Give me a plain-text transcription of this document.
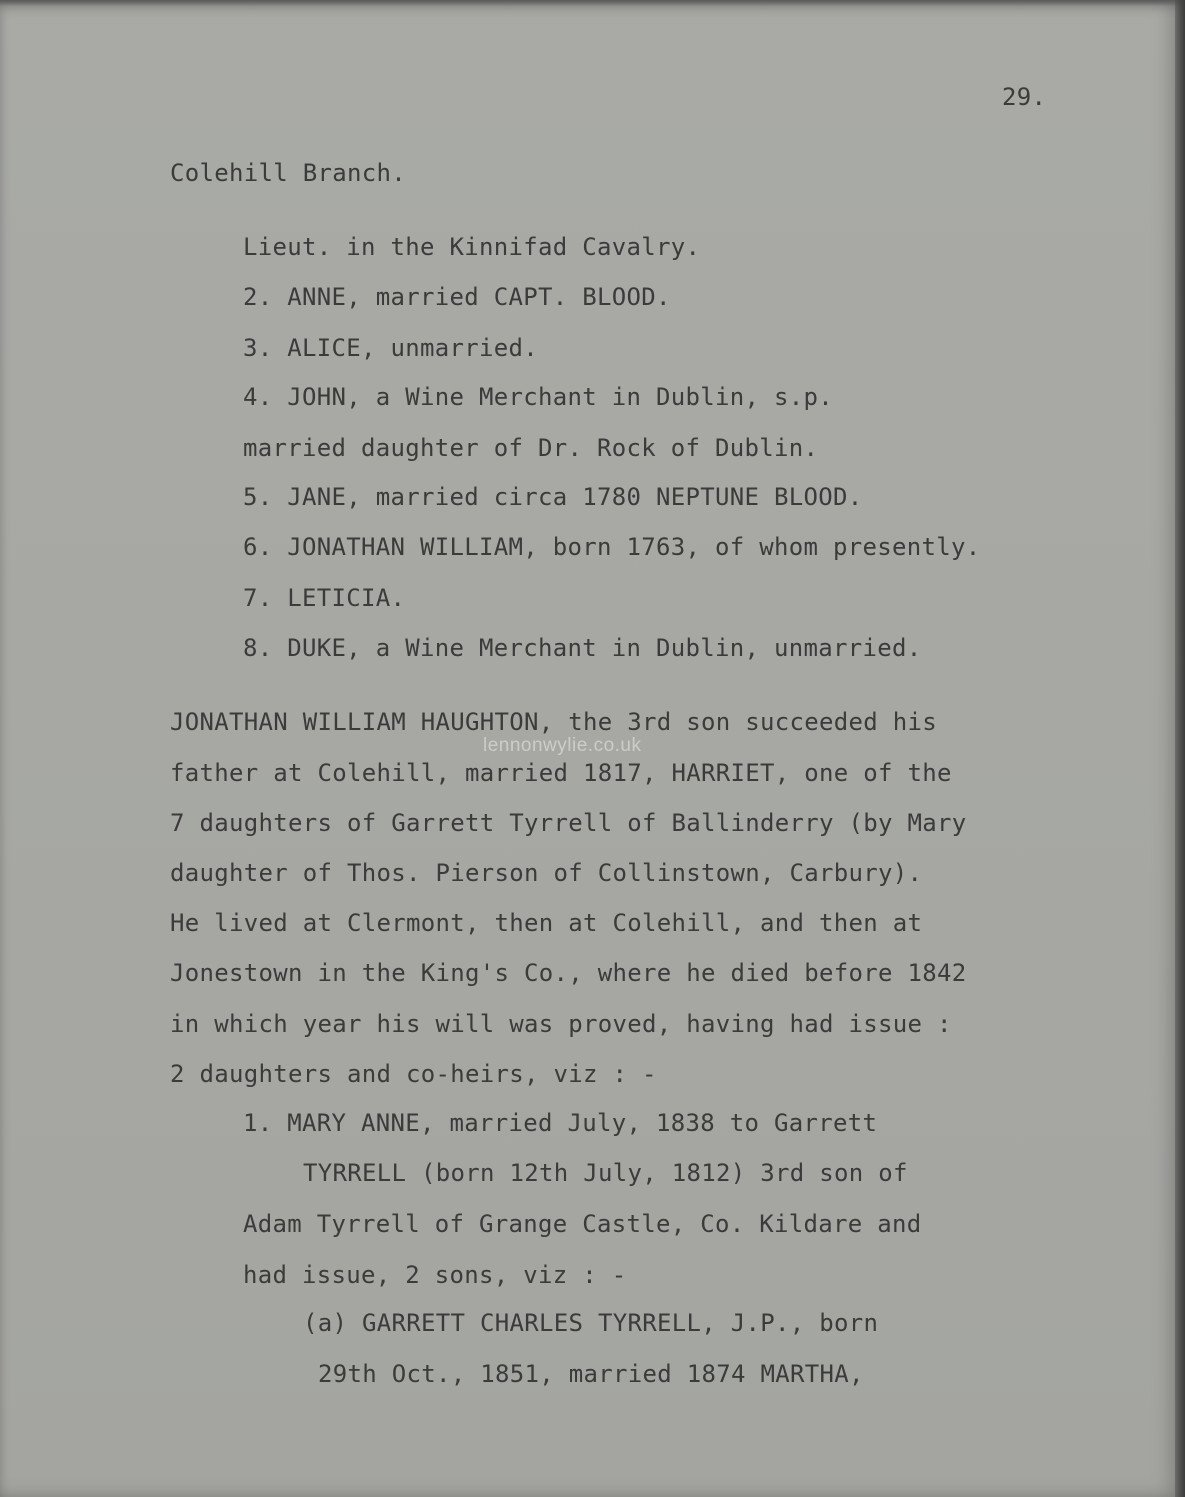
29.
Colehill Branch.
Lieut. in the Kinnifad Cavalry.
2. ANNE, married CAPT. BLOOD.
3. ALICE, unmarried.
4. JOHN, a Wine Merchant in Dublin, s.p.
married daughter of Dr. Rock of Dublin.
5. JANE, married circa 1780 NEPTUNE BLOOD.
6. JONATHAN WILLIAM, born 1763, of whom presently.
7. LETICIA.
8. DUKE, a Wine Merchant in Dublin, unmarried.
JONATHAN WILLIAM HAUGHTON, the 3rd son succeeded his
father at Colehill, married 1817, HARRIET, one of the
7 daughters of Garrett Tyrrell of Ballinderry (by Mary
daughter of Thos. Pierson of Collinstown, Carbury).
He lived at Clermont, then at Colehill, and then at
Jonestown in the King's Co., where he died before 1842
in which year his will was proved, having had issue :
2 daughters and co-heirs, viz : -
1. MARY ANNE, married July, 1838 to Garrett
TYRRELL (born 12th July, 1812) 3rd son of
Adam Tyrrell of Grange Castle, Co. Kildare and
had issue, 2 sons, viz : -
(a) GARRETT CHARLES TYRRELL, J.P., born
29th Oct., 1851, married 1874 MARTHA,
lennonwylie.co.uk
